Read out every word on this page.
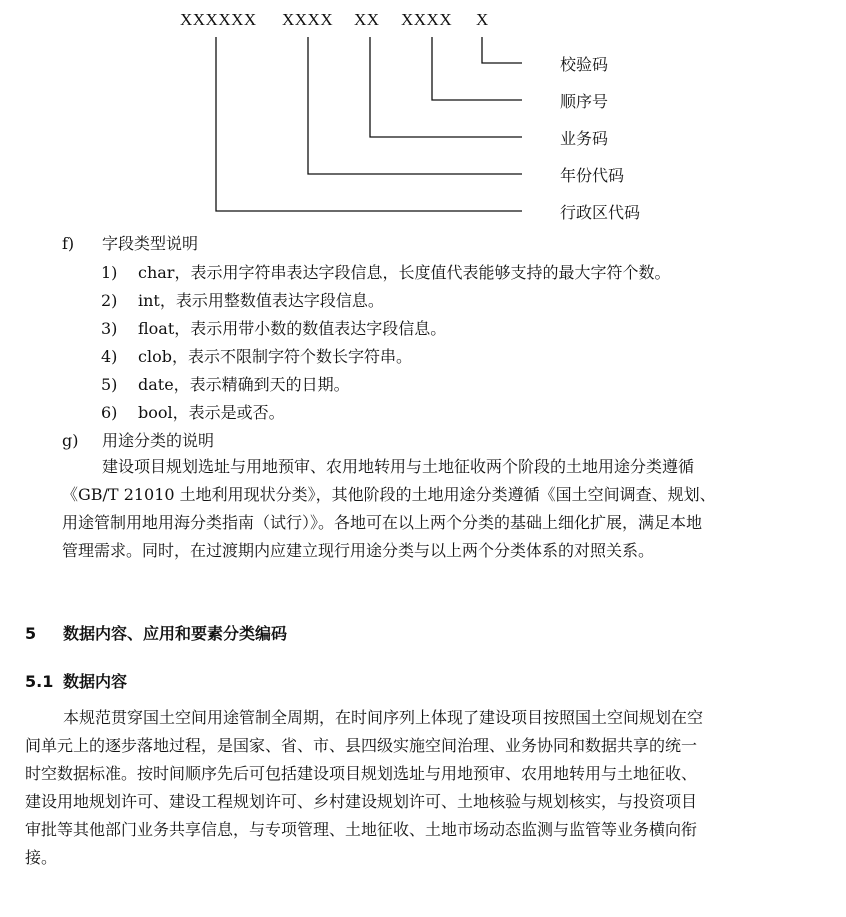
XXXXXX XXXX XX XXXX X
校验码
顺序号
业务码
年份代码
行政区代码
f) 字段类型说明
1) char，表示用字符串表达字段信息，长度值代表能够支持的最大字符个数。
2) int，表示用整数值表达字段信息。
3) float，表示用带小数的数值表达字段信息。
4) clob，表示不限制字符个数长字符串。
5) date，表示精确到天的日期。
6) bool，表示是或否。
g) 用途分类的说明
建设项目规划选址与用地预审、农用地转用与土地征收两个阶段的土地用途分类遵循
《GB/T 21010 土地利用现状分类》，其他阶段的土地用途分类遵循《国土空间调查、规划、
用途管制用地用海分类指南（试行）》。各地可在以上两个分类的基础上细化扩展，满足本地
管理需求。同时，在过渡期内应建立现行用途分类与以上两个分类体系的对照关系。
5 数据内容、应用和要素分类编码
5.1 数据内容
本规范贯穿国土空间用途管制全周期，在时间序列上体现了建设项目按照国土空间规划在空
间单元上的逐步落地过程，是国家、省、市、县四级实施空间治理、业务协同和数据共享的统一
时空数据标准。按时间顺序先后可包括建设项目规划选址与用地预审、农用地转用与土地征收、
建设用地规划许可、建设工程规划许可、乡村建设规划许可、土地核验与规划核实，与投资项目
审批等其他部门业务共享信息，与专项管理、土地征收、土地市场动态监测与监管等业务横向衔
接。
